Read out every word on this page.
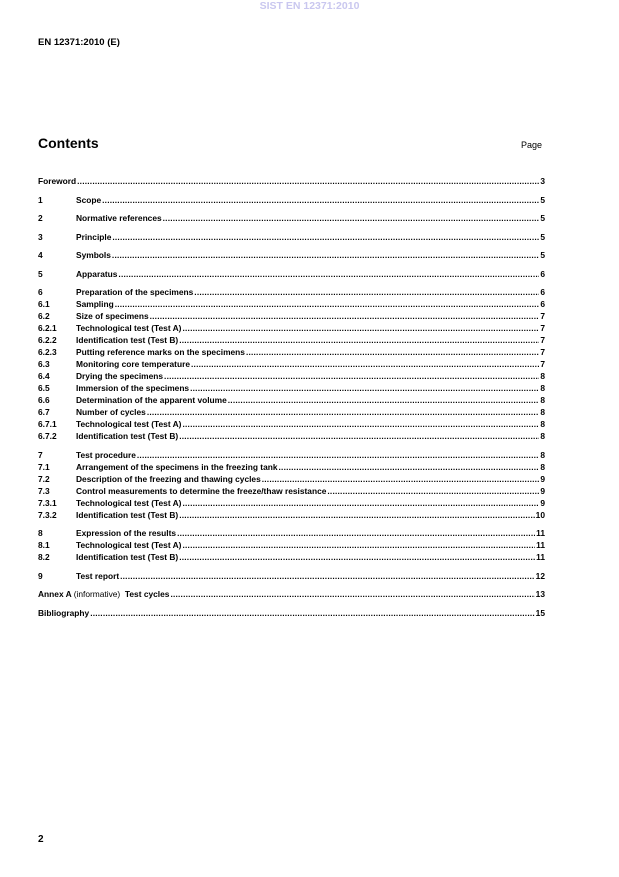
SIST EN 12371:2010
EN 12371:2010 (E)
Contents	Page
Foreword .....	3
1	Scope .....	5
2	Normative references .....	5
3	Principle .....	5
4	Symbols .....	5
5	Apparatus .....	6
6	Preparation of the specimens .....	6
6.1	Sampling .....	6
6.2	Size of specimens .....	7
6.2.1	Technological test (Test A) .....	7
6.2.2	Identification test (Test B) .....	7
6.2.3	Putting reference marks on the specimens .....	7
6.3	Monitoring core temperature .....	7
6.4	Drying the specimens .....	8
6.5	Immersion of the specimens .....	8
6.6	Determination of the apparent volume .....	8
6.7	Number of cycles .....	8
6.7.1	Technological test (Test A) .....	8
6.7.2	Identification test (Test B) .....	8
7	Test procedure .....	8
7.1	Arrangement of the specimens in the freezing tank .....	8
7.2	Description of the freezing and thawing cycles .....	9
7.3	Control measurements to determine the freeze/thaw resistance .....	9
7.3.1	Technological test (Test A) .....	9
7.3.2	Identification test (Test B) .....	10
8	Expression of the results .....	11
8.1	Technological test (Test A) .....	11
8.2	Identification test (Test B) .....	11
9	Test report .....	12
Annex A (informative) Test cycles .....	13
Bibliography .....	15
2
